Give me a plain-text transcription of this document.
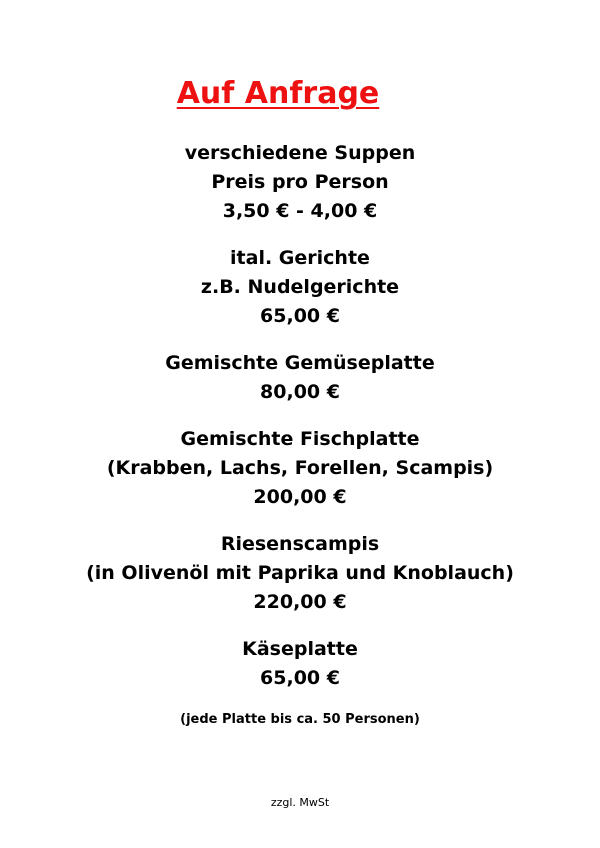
Auf Anfrage
verschiedene Suppen
Preis pro Person
3,50 € - 4,00 €
ital. Gerichte
z.B. Nudelgerichte
65,00 €
Gemischte Gemüseplatte
80,00 €
Gemischte Fischplatte
(Krabben, Lachs, Forellen, Scampis)
200,00 €
Riesenscampis
(in Olivenöl mit Paprika und Knoblauch)
220,00 €
Käseplatte
65,00 €
(jede Platte bis ca. 50 Personen)
zzgl. MwSt
